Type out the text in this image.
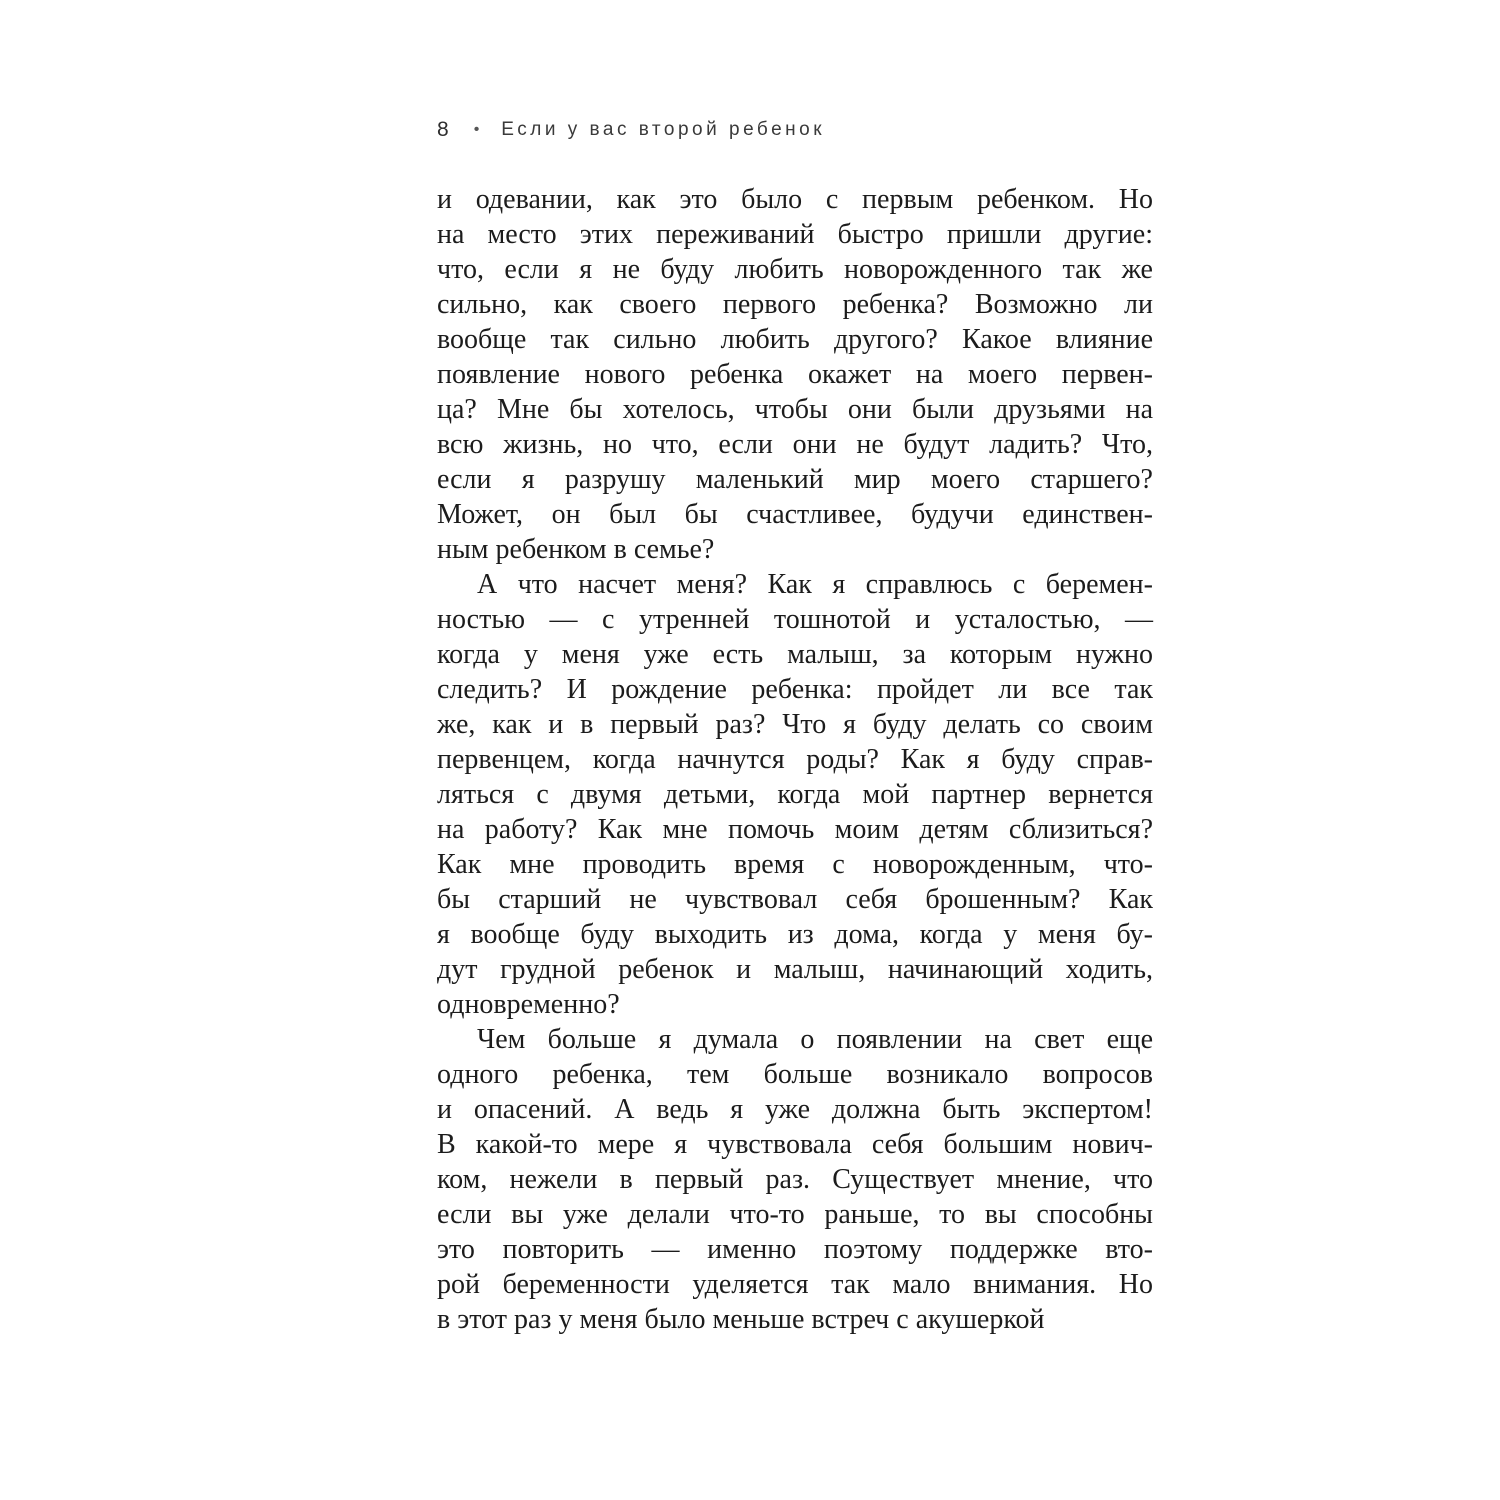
8 • Если у вас второй ребенок
и одевании, как это было с первым ребенком. Но
на место этих переживаний быстро пришли другие:
что, если я не буду любить новорожденного так же
сильно, как своего первого ребенка? Возможно ли
вообще так сильно любить другого? Какое влияние
появление нового ребенка окажет на моего первен-
ца? Мне бы хотелось, чтобы они были друзьями на
всю жизнь, но что, если они не будут ладить? Что,
если я разрушу маленький мир моего старшего?
Может, он был бы счастливее, будучи единствен-
ным ребенком в семье?
А что насчет меня? Как я справлюсь с беремен-
ностью — с утренней тошнотой и усталостью, —
когда у меня уже есть малыш, за которым нужно
следить? И рождение ребенка: пройдет ли все так
же, как и в первый раз? Что я буду делать со своим
первенцем, когда начнутся роды? Как я буду справ-
ляться с двумя детьми, когда мой партнер вернется
на работу? Как мне помочь моим детям сблизиться?
Как мне проводить время с новорожденным, что-
бы старший не чувствовал себя брошенным? Как
я вообще буду выходить из дома, когда у меня бу-
дут грудной ребенок и малыш, начинающий ходить,
одновременно?
Чем больше я думала о появлении на свет еще
одного ребенка, тем больше возникало вопросов
и опасений. А ведь я уже должна быть экспертом!
В какой-то мере я чувствовала себя большим нович-
ком, нежели в первый раз. Существует мнение, что
если вы уже делали что-то раньше, то вы способны
это повторить — именно поэтому поддержке вто-
рой беременности уделяется так мало внимания. Но
в этот раз у меня было меньше встреч с акушеркой
